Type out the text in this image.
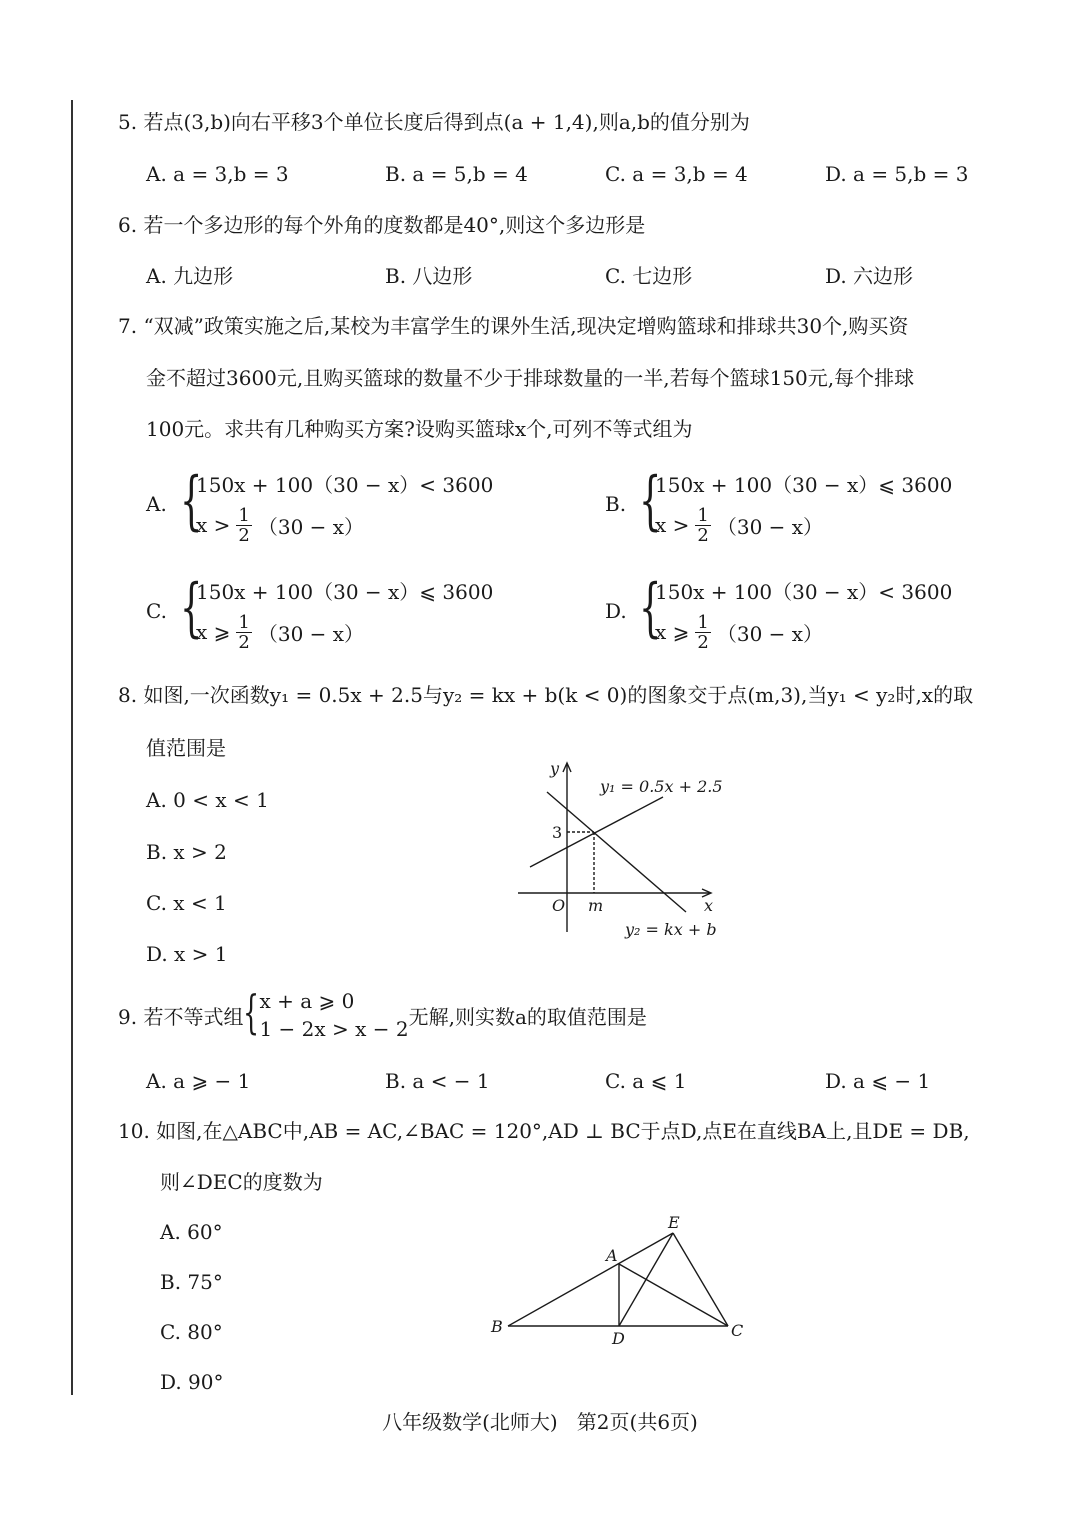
5. 若点(3,b)向右平移3个单位长度后得到点(a + 1,4),则a,b的值分别为
A. a = 3,b = 3	B. a = 5,b = 4	C. a = 3,b = 4	D. a = 5,b = 3
6. 若一个多边形的每个外角的度数都是40°,则这个多边形是
A. 九边形	B. 八边形	C. 七边形	D. 六边形
7. “双减”政策实施之后,某校为丰富学生的课外生活,现决定增购篮球和排球共30个,购买资
金不超过3600元,且购买篮球的数量不少于排球数量的一半,若每个篮球150元,每个排球
100元。求共有几种购买方案?设购买篮球x个,可列不等式组为
A. {
150x + 100（30 − x）< 3600
$x > \frac{1}{2} (30 - x)$
B. {
150x + 100（30 − x）⩽ 3600
$x > \frac{1}{2} (30 - x)$
C. {
150x + 100（30 − x）⩽ 3600
x ⩾ $\frac{1}{2} (30 - x)$
D. {
150x + 100（30 − x）< 3600
x ⩾ $\frac{1}{2} (30 - x)$
8. 如图,一次函数y₁ = 0.5x + 2.5与y₂ = kx + b(k < 0)的图象交于点(m,3),当y₁ < y₂时,x的取
值范围是
A. 0 < x < 1
B. x > 2
C. x < 1
D. x > 1
y
x
O
3
m
y₁ = 0.5x + 2.5
y₂ = kx + b
9. 若不等式组 { x + a ⩾ 0
1 − 2x > x − 2
无解,则实数a的取值范围是
A. a ⩾ − 1	B. a < − 1	C. a ⩽ 1	D. a ⩽ − 1
10. 如图,在△ABC中,AB = AC,∠BAC = 120°,AD ⊥ BC于点D,点E在直线BA上,且DE = DB,
则∠DEC的度数为
A. 60°
B. 75°
C. 80°
D. 90°
B	C
D
A
E
八年级数学(北师大)   第2页(共6页)
